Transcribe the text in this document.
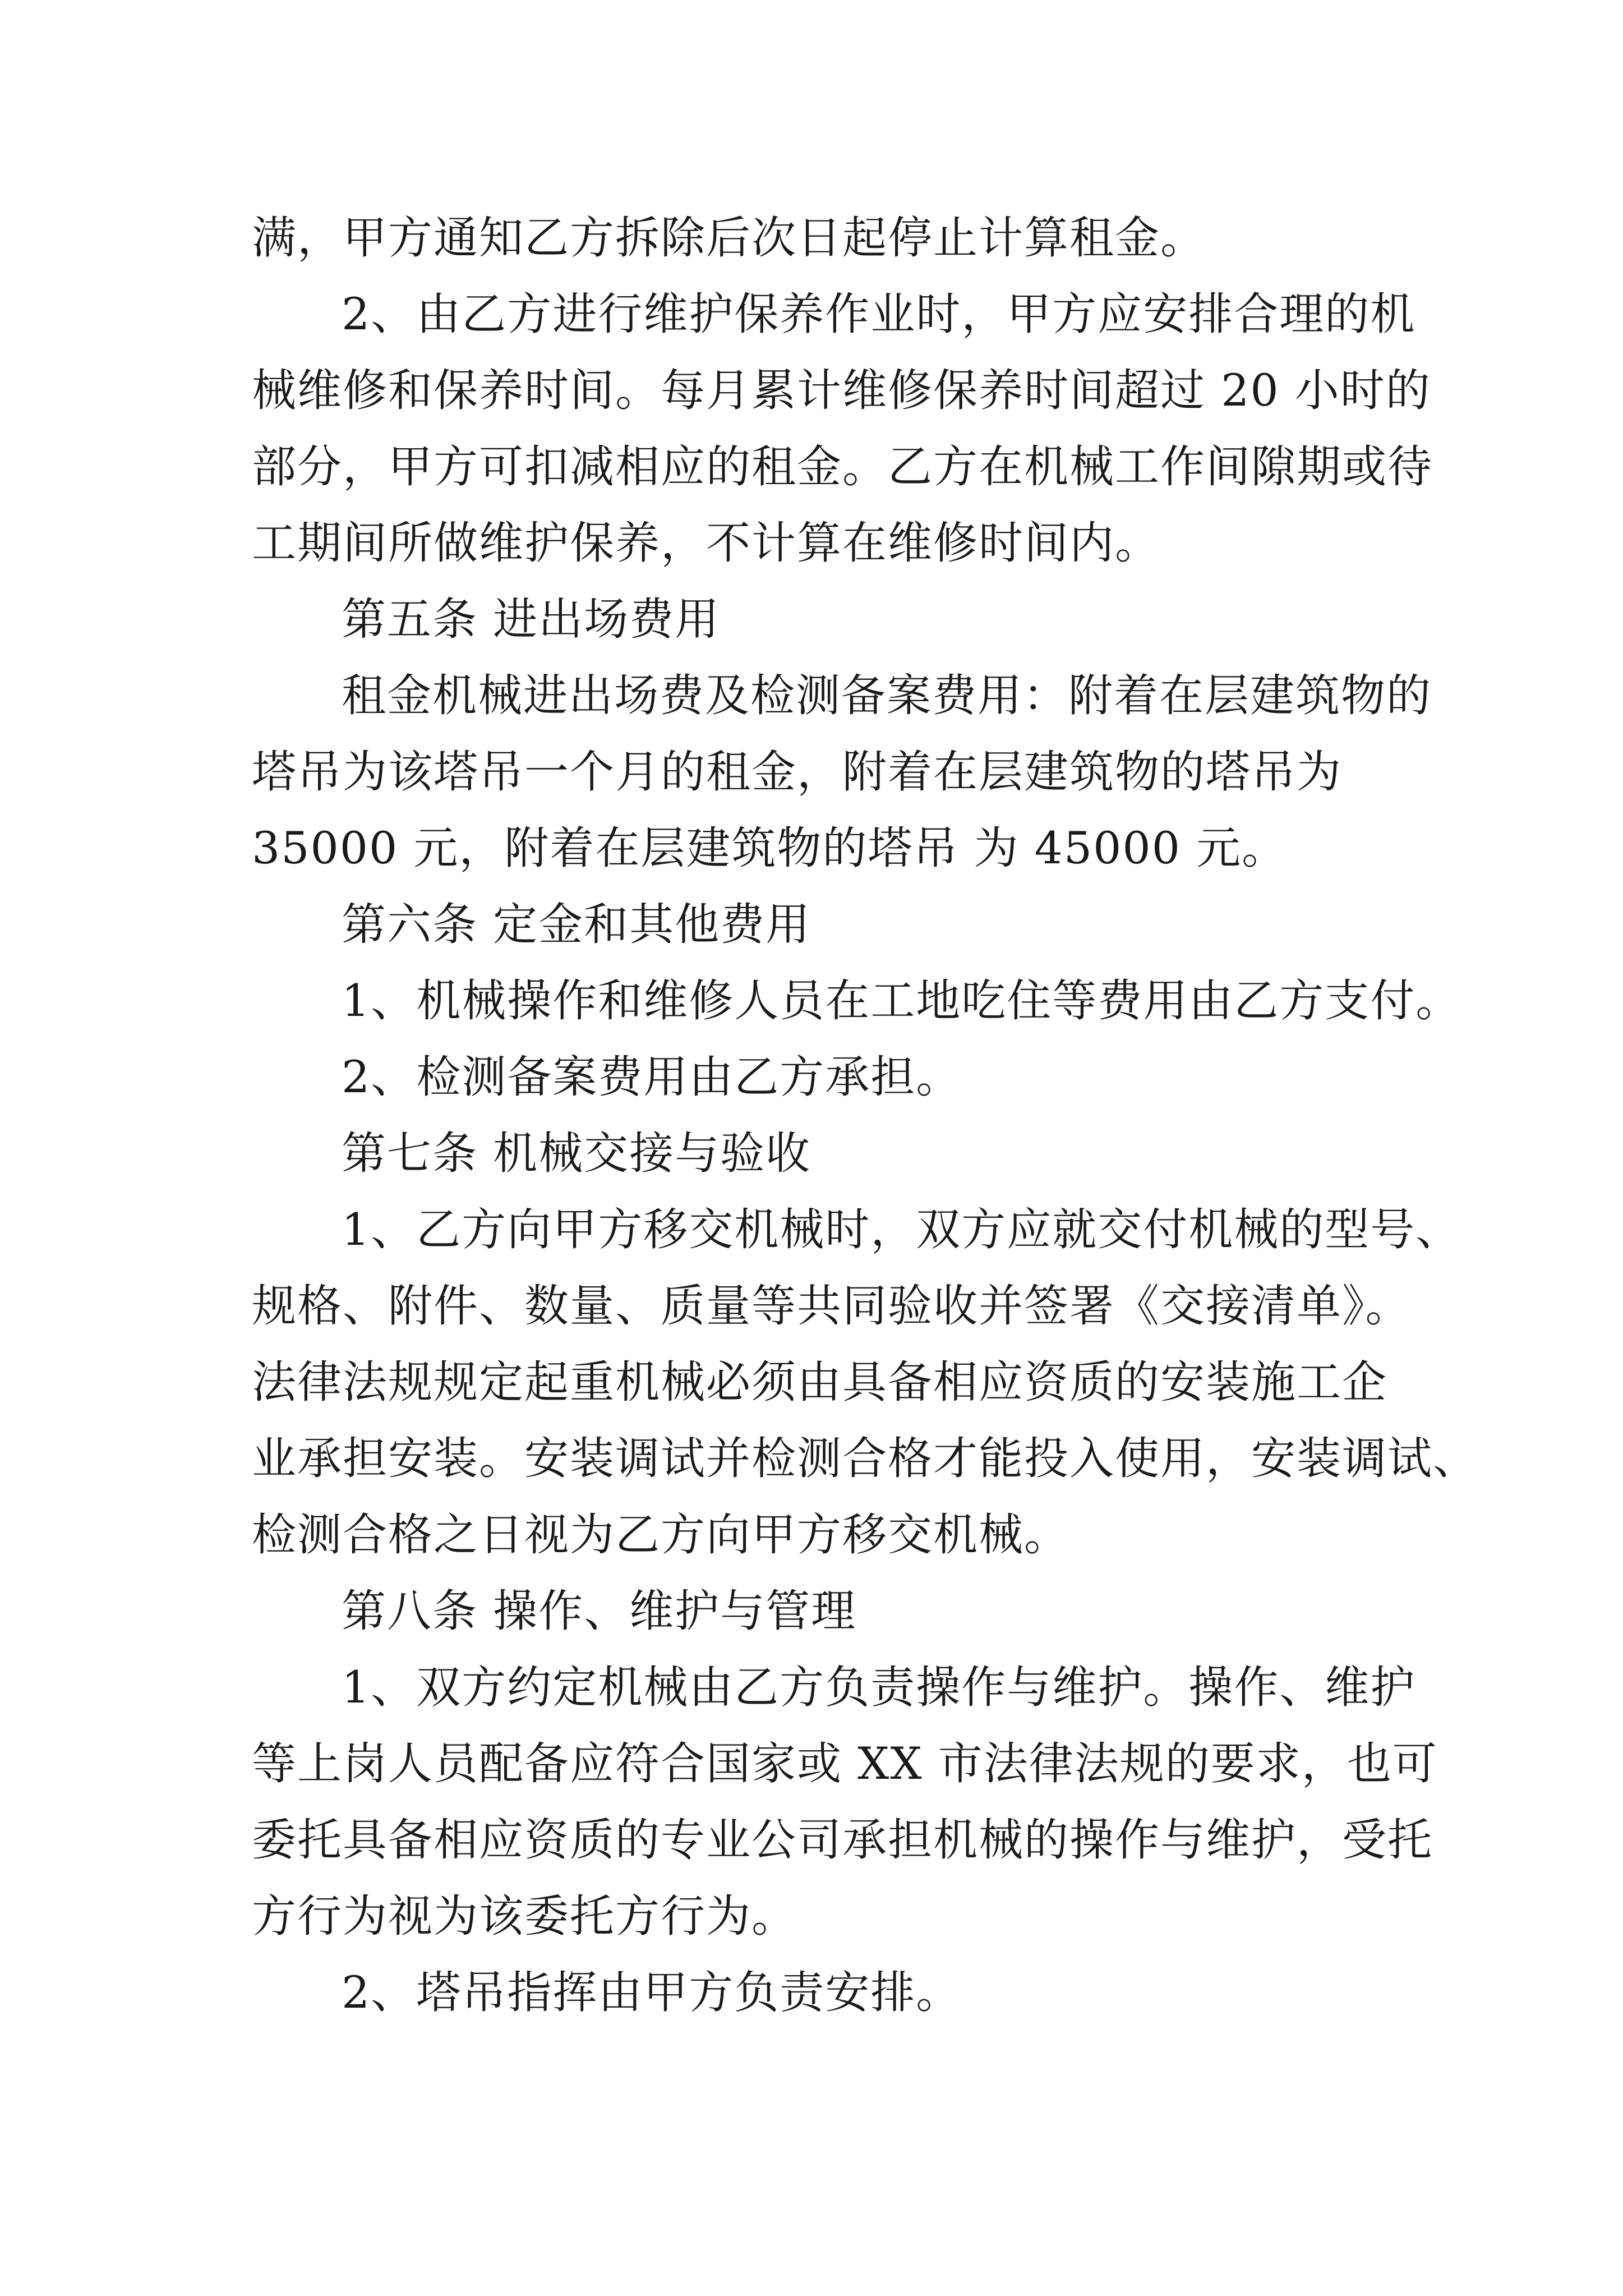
满，甲方通知乙方拆除后次日起停止计算租金。
2、由乙方进行维护保养作业时，甲方应安排合理的机
械维修和保养时间。每月累计维修保养时间超过 20 小时的
部分，甲方可扣减相应的租金。乙方在机械工作间隙期或待
工期间所做维护保养，不计算在维修时间内。
第五条 进出场费用
租金机械进出场费及检测备案费用：附着在层建筑物的
塔吊为该塔吊一个月的租金，附着在层建筑物的塔吊为
35000 元，附着在层建筑物的塔吊 为 45000 元。
第六条 定金和其他费用
1、机械操作和维修人员在工地吃住等费用由乙方支付。
2、检测备案费用由乙方承担。
第七条 机械交接与验收
1、乙方向甲方移交机械时，双方应就交付机械的型号、
规格、附件、数量、质量等共同验收并签署《交接清单》。
法律法规规定起重机械必须由具备相应资质的安装施工企
业承担安装。安装调试并检测合格才能投入使用，安装调试、
检测合格之日视为乙方向甲方移交机械。
第八条 操作、维护与管理
1、双方约定机械由乙方负责操作与维护。操作、维护
等上岗人员配备应符合国家或 XX 市法律法规的要求，也可
委托具备相应资质的专业公司承担机械的操作与维护，受托
方行为视为该委托方行为。
2、塔吊指挥由甲方负责安排。
